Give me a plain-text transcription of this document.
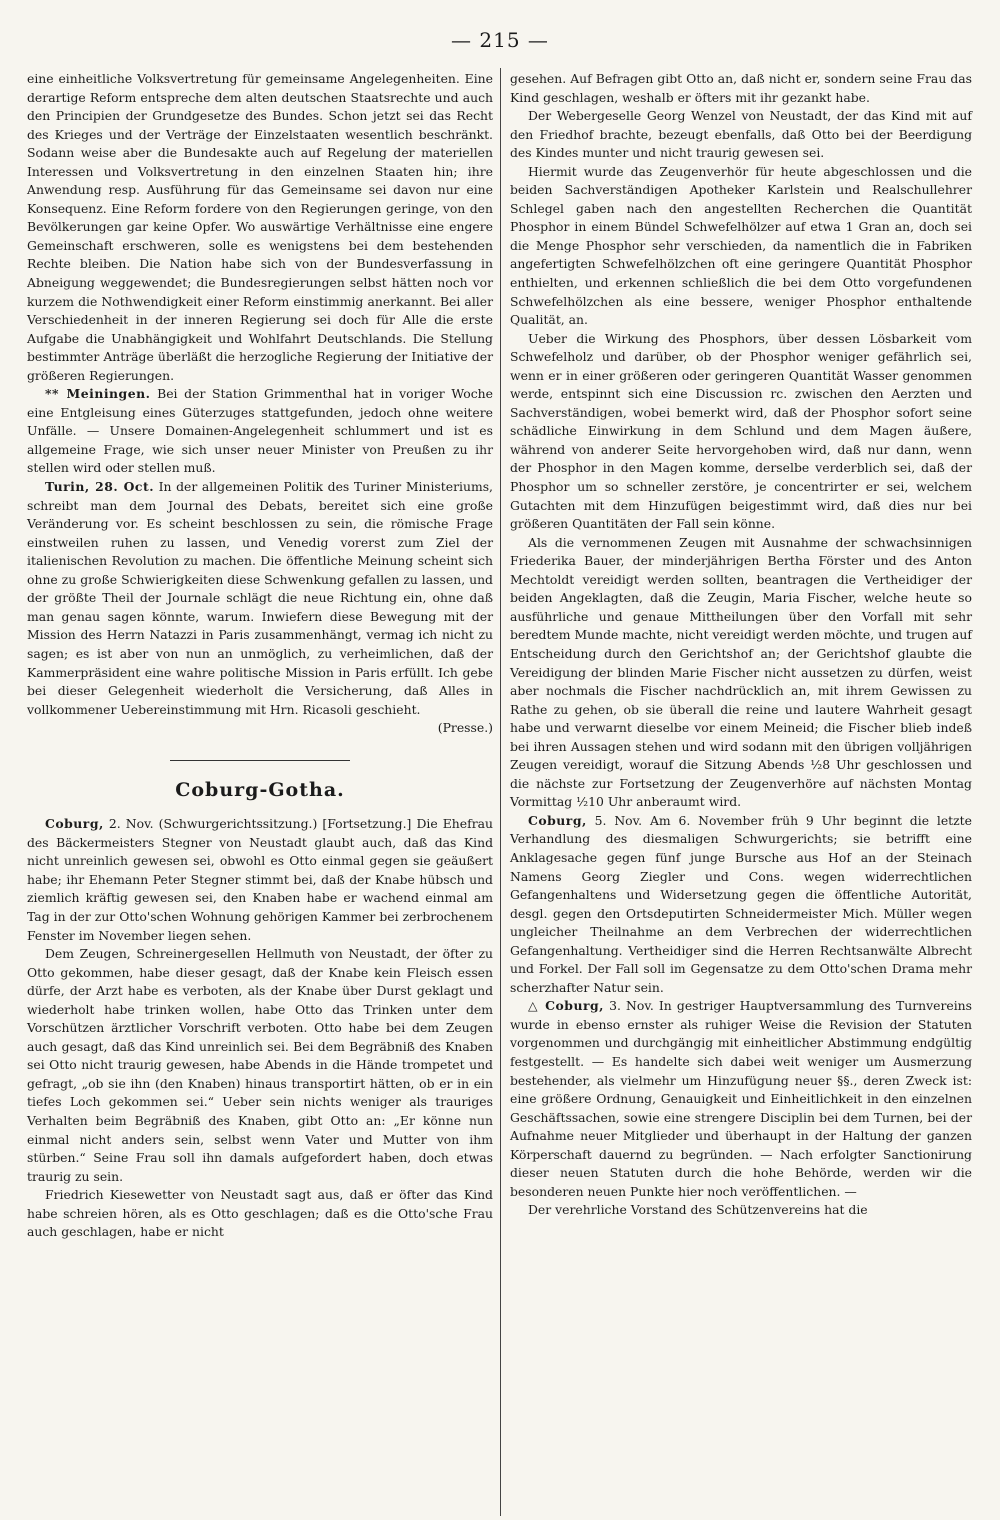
— 215 —

eine einheitliche Volksvertretung für gemeinsame Angelegenheiten. Eine derartige Reform entspreche dem alten deutschen Staatsrechte und auch den Principien der Grundgesetze des Bundes. Schon jetzt sei das Recht des Krieges und der Verträge der Einzelstaaten wesentlich beschränkt. Sodann weise aber die Bundesakte auch auf Regelung der materiellen Interessen und Volksvertretung in den einzelnen Staaten hin; ihre Anwendung resp. Ausführung für das Gemeinsame sei davon nur eine Konsequenz. Eine Reform fordere von den Regierungen geringe, von den Bevölkerungen gar keine Opfer. Wo auswärtige Verhältnisse eine engere Gemeinschaft erschweren, solle es wenigstens bei dem bestehenden Rechte bleiben. Die Nation habe sich von der Bundesverfassung in Abneigung weggewendet; die Bundesregierungen selbst hätten noch vor kurzem die Nothwendigkeit einer Reform einstimmig anerkannt. Bei aller Verschiedenheit in der inneren Regierung sei doch für Alle die erste Aufgabe die Unabhängigkeit und Wohlfahrt Deutschlands. Die Stellung bestimmter Anträge überläßt die herzogliche Regierung der Initiative der größeren Regierungen.

** Meiningen. Bei der Station Grimmenthal hat in voriger Woche eine Entgleisung eines Güterzuges stattgefunden, jedoch ohne weitere Unfälle. — Unsere Domainen-Angelegenheit schlummert und ist es allgemeine Frage, wie sich unser neuer Minister von Preußen zu ihr stellen wird oder stellen muß.

Turin, 28. Oct. In der allgemeinen Politik des Turiner Ministeriums, schreibt man dem Journal des Debats, bereitet sich eine große Veränderung vor. Es scheint beschlossen zu sein, die römische Frage einstweilen ruhen zu lassen, und Venedig vorerst zum Ziel der italienischen Revolution zu machen. Die öffentliche Meinung scheint sich ohne zu große Schwierigkeiten diese Schwenkung gefallen zu lassen, und der größte Theil der Journale schlägt die neue Richtung ein, ohne daß man genau sagen könnte, warum. Inwiefern diese Bewegung mit der Mission des Herrn Natazzi in Paris zusammenhängt, vermag ich nicht zu sagen; es ist aber von nun an unmöglich, zu verheimlichen, daß der Kammerpräsident eine wahre politische Mission in Paris erfüllt. Ich gebe bei dieser Gelegenheit wiederholt die Versicherung, daß Alles in vollkommener Uebereinstimmung mit Hrn. Ricasoli geschieht.

(Presse.)

Coburg-Gotha.

Coburg, 2. Nov. (Schwurgerichtssitzung.) [Fortsetzung.] Die Ehefrau des Bäckermeisters Stegner von Neustadt glaubt auch, daß das Kind nicht unreinlich gewesen sei, obwohl es Otto einmal gegen sie geäußert habe; ihr Ehemann Peter Stegner stimmt bei, daß der Knabe hübsch und ziemlich kräftig gewesen sei, den Knaben habe er wachend einmal am Tag in der zur Otto'schen Wohnung gehörigen Kammer bei zerbrochenem Fenster im November liegen sehen.

Dem Zeugen, Schreinergesellen Hellmuth von Neustadt, der öfter zu Otto gekommen, habe dieser gesagt, daß der Knabe kein Fleisch essen dürfe, der Arzt habe es verboten, als der Knabe über Durst geklagt und wiederholt habe trinken wollen, habe Otto das Trinken unter dem Vorschützen ärztlicher Vorschrift verboten. Otto habe bei dem Zeugen auch gesagt, daß das Kind unreinlich sei. Bei dem Begräbniß des Knaben sei Otto nicht traurig gewesen, habe Abends in die Hände trompetet und gefragt, „ob sie ihn (den Knaben) hinaus transportirt hätten, ob er in ein tiefes Loch gekommen sei.“ Ueber sein nichts weniger als trauriges Verhalten beim Begräbniß des Knaben, gibt Otto an: „Er könne nun einmal nicht anders sein, selbst wenn Vater und Mutter von ihm stürben.“ Seine Frau soll ihn damals aufgefordert haben, doch etwas traurig zu sein.

Friedrich Kiesewetter von Neustadt sagt aus, daß er öfter das Kind habe schreien hören, als es Otto geschlagen; daß es die Otto'sche Frau auch geschlagen, habe er nicht

gesehen. Auf Befragen gibt Otto an, daß nicht er, sondern seine Frau das Kind geschlagen, weshalb er öfters mit ihr gezankt habe.

Der Webergeselle Georg Wenzel von Neustadt, der das Kind mit auf den Friedhof brachte, bezeugt ebenfalls, daß Otto bei der Beerdigung des Kindes munter und nicht traurig gewesen sei.

Hiermit wurde das Zeugenverhör für heute abgeschlossen und die beiden Sachverständigen Apotheker Karlstein und Realschullehrer Schlegel gaben nach den angestellten Recherchen die Quantität Phosphor in einem Bündel Schwefelhölzer auf etwa 1 Gran an, doch sei die Menge Phosphor sehr verschieden, da namentlich die in Fabriken angefertigten Schwefelhölzchen oft eine geringere Quantität Phosphor enthielten, und erkennen schließlich die bei dem Otto vorgefundenen Schwefelhölzchen als eine bessere, weniger Phosphor enthaltende Qualität, an.

Ueber die Wirkung des Phosphors, über dessen Lösbarkeit vom Schwefelholz und darüber, ob der Phosphor weniger gefährlich sei, wenn er in einer größeren oder geringeren Quantität Wasser genommen werde, entspinnt sich eine Discussion rc. zwischen den Aerzten und Sachverständigen, wobei bemerkt wird, daß der Phosphor sofort seine schädliche Einwirkung in dem Schlund und dem Magen äußere, während von anderer Seite hervorgehoben wird, daß nur dann, wenn der Phosphor in den Magen komme, derselbe verderblich sei, daß der Phosphor um so schneller zerstöre, je concentrirter er sei, welchem Gutachten mit dem Hinzufügen beigestimmt wird, daß dies nur bei größeren Quantitäten der Fall sein könne.

Als die vernommenen Zeugen mit Ausnahme der schwachsinnigen Friederika Bauer, der minderjährigen Bertha Förster und des Anton Mechtoldt vereidigt werden sollten, beantragen die Vertheidiger der beiden Angeklagten, daß die Zeugin, Maria Fischer, welche heute so ausführliche und genaue Mittheilungen über den Vorfall mit sehr beredtem Munde machte, nicht vereidigt werden möchte, und trugen auf Entscheidung durch den Gerichtshof an; der Gerichtshof glaubte die Vereidigung der blinden Marie Fischer nicht aussetzen zu dürfen, weist aber nochmals die Fischer nachdrücklich an, mit ihrem Gewissen zu Rathe zu gehen, ob sie überall die reine und lautere Wahrheit gesagt habe und verwarnt dieselbe vor einem Meineid; die Fischer blieb indeß bei ihren Aussagen stehen und wird sodann mit den übrigen volljährigen Zeugen vereidigt, worauf die Sitzung Abends ½8 Uhr geschlossen und die nächste zur Fortsetzung der Zeugenverhöre auf nächsten Montag Vormittag ½10 Uhr anberaumt wird.

Coburg, 5. Nov. Am 6. November früh 9 Uhr beginnt die letzte Verhandlung des diesmaligen Schwurgerichts; sie betrifft eine Anklagesache gegen fünf junge Bursche aus Hof an der Steinach Namens Georg Ziegler und Cons. wegen widerrechtlichen Gefangenhaltens und Widersetzung gegen die öffentliche Autorität, desgl. gegen den Ortsdeputirten Schneidermeister Mich. Müller wegen ungleicher Theilnahme an dem Verbrechen der widerrechtlichen Gefangenhaltung. Vertheidiger sind die Herren Rechtsanwälte Albrecht und Forkel. Der Fall soll im Gegensatze zu dem Otto'schen Drama mehr scherzhafter Natur sein.

△ Coburg, 3. Nov. In gestriger Hauptversammlung des Turnvereins wurde in ebenso ernster als ruhiger Weise die Revision der Statuten vorgenommen und durchgängig mit einheitlicher Abstimmung endgültig festgestellt. — Es handelte sich dabei weit weniger um Ausmerzung bestehender, als vielmehr um Hinzufügung neuer §§., deren Zweck ist: eine größere Ordnung, Genauigkeit und Einheitlichkeit in den einzelnen Geschäftssachen, sowie eine strengere Disciplin bei dem Turnen, bei der Aufnahme neuer Mitglieder und überhaupt in der Haltung der ganzen Körperschaft dauernd zu begründen. — Nach erfolgter Sanctionirung dieser neuen Statuten durch die hohe Behörde, werden wir die besonderen neuen Punkte hier noch veröffentlichen. —

Der verehrliche Vorstand des Schützenvereins hat die
